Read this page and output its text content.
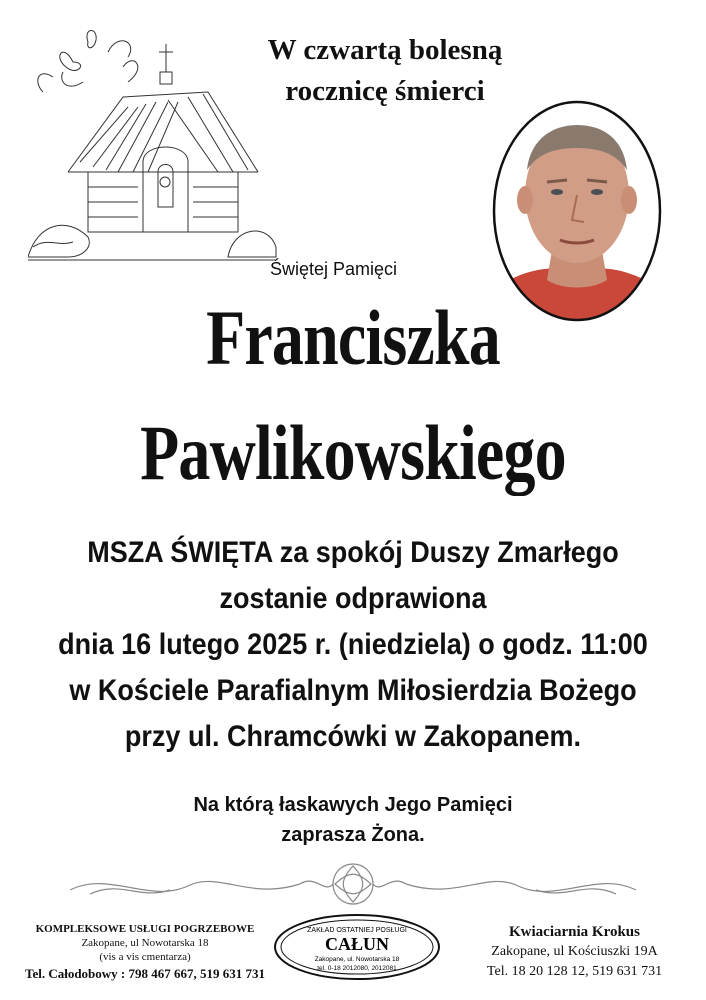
W czwartą bolesną
rocznicę śmierci
Świętej Pamięci
Franciszka
Pawlikowskiego
MSZA ŚWIĘTA za spokój Duszy Zmarłego
zostanie odprawiona
dnia 16 lutego 2025 r. (niedziela) o godz. 11:00
w Kościele Parafialnym Miłosierdzia Bożego
przy ul. Chramcówki w Zakopanem.
Na którą łaskawych Jego Pamięci
zaprasza Żona.
KOMPLEKSOWE USŁUGI POGRZEBOWE
Zakopane, ul Nowotarska 18
(vis a vis cmentarza)
Tel. Całodobowy : 798 467 667, 519 631 731
ZAKŁAD OSTATNIEJ POSŁUGI
CAŁUN
Zakopane, ul. Nowotarska 18
tel. 0-18 2012080, 2012081
Kwiaciarnia Krokus
Zakopane, ul Kościuszki 19A
Tel. 18 20 128 12, 519 631 731
